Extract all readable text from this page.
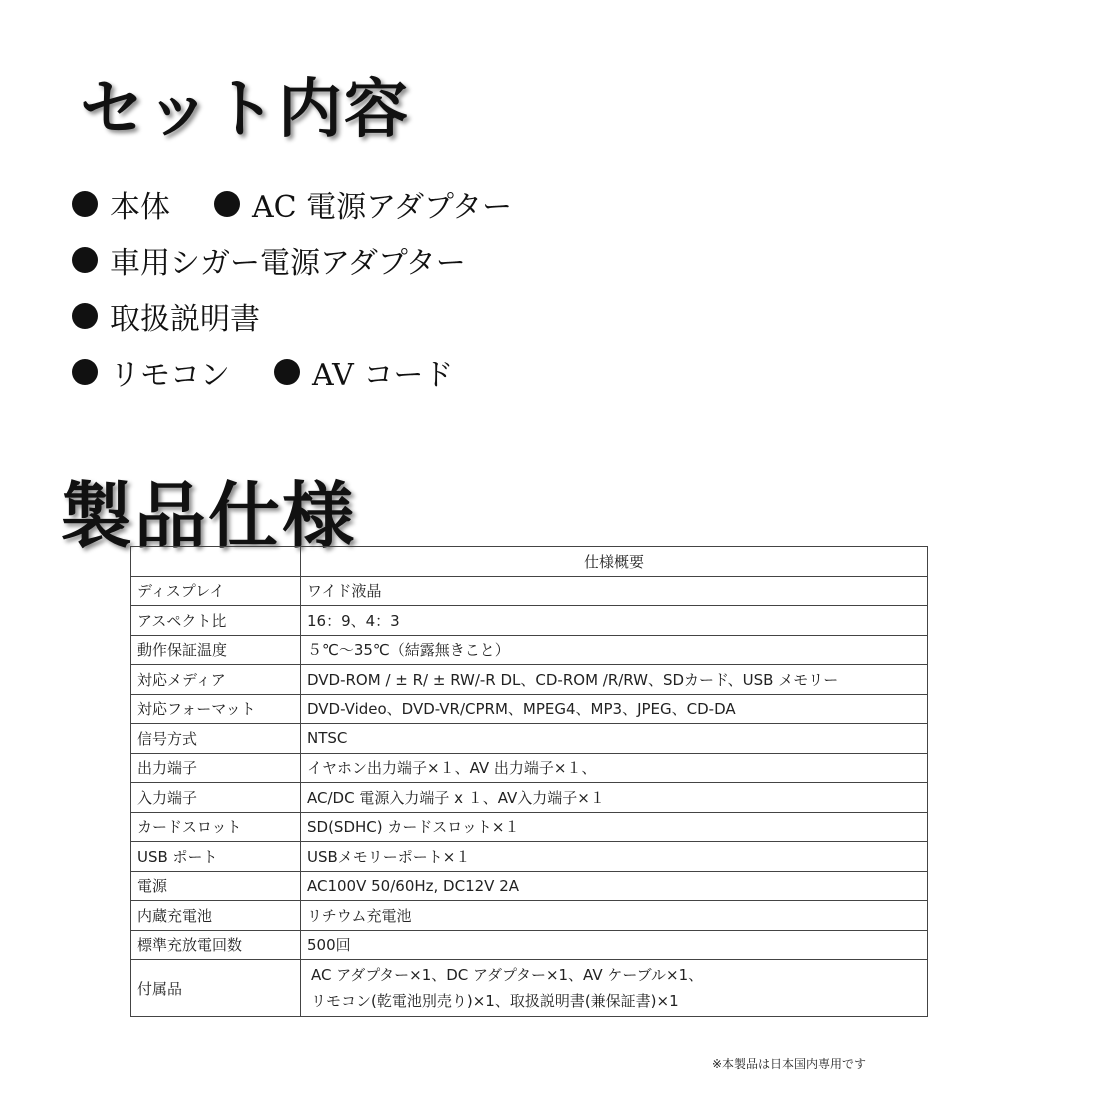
セット内容
本体	AC 電源アダプター
車用シガー電源アダプター
取扱説明書
リモコン	AV コード
製品仕様
	仕様概要
ディスプレイ	ワイド液晶
アスペクト比	16：9、4：3
動作保証温度	５℃〜35℃（結露無きこと）
対応メディア	DVD-ROM / ± R/ ± RW/-R DL、CD-ROM /R/RW、SDカード、USB メモリー
対応フォーマット	DVD-Video、DVD-VR/CPRM、MPEG4、MP3、JPEG、CD-DA
信号方式	NTSC
出力端子	イヤホン出力端子×１、AV 出力端子×１、
入力端子	AC/DC 電源入力端子 x １、AV入力端子×１
カードスロット	SD(SDHC) カードスロット×１
USB ポート	USBメモリーポート×１
電源	AC100V 50/60Hz, DC12V 2A
内蔵充電池	リチウム充電池
標準充放電回数	500回
付属品	AC アダプター×1、DC アダプター×1、AV ケーブル×1、
リモコン(乾電池別売り)×1、取扱説明書(兼保証書)×1
※本製品は日本国内専用です
